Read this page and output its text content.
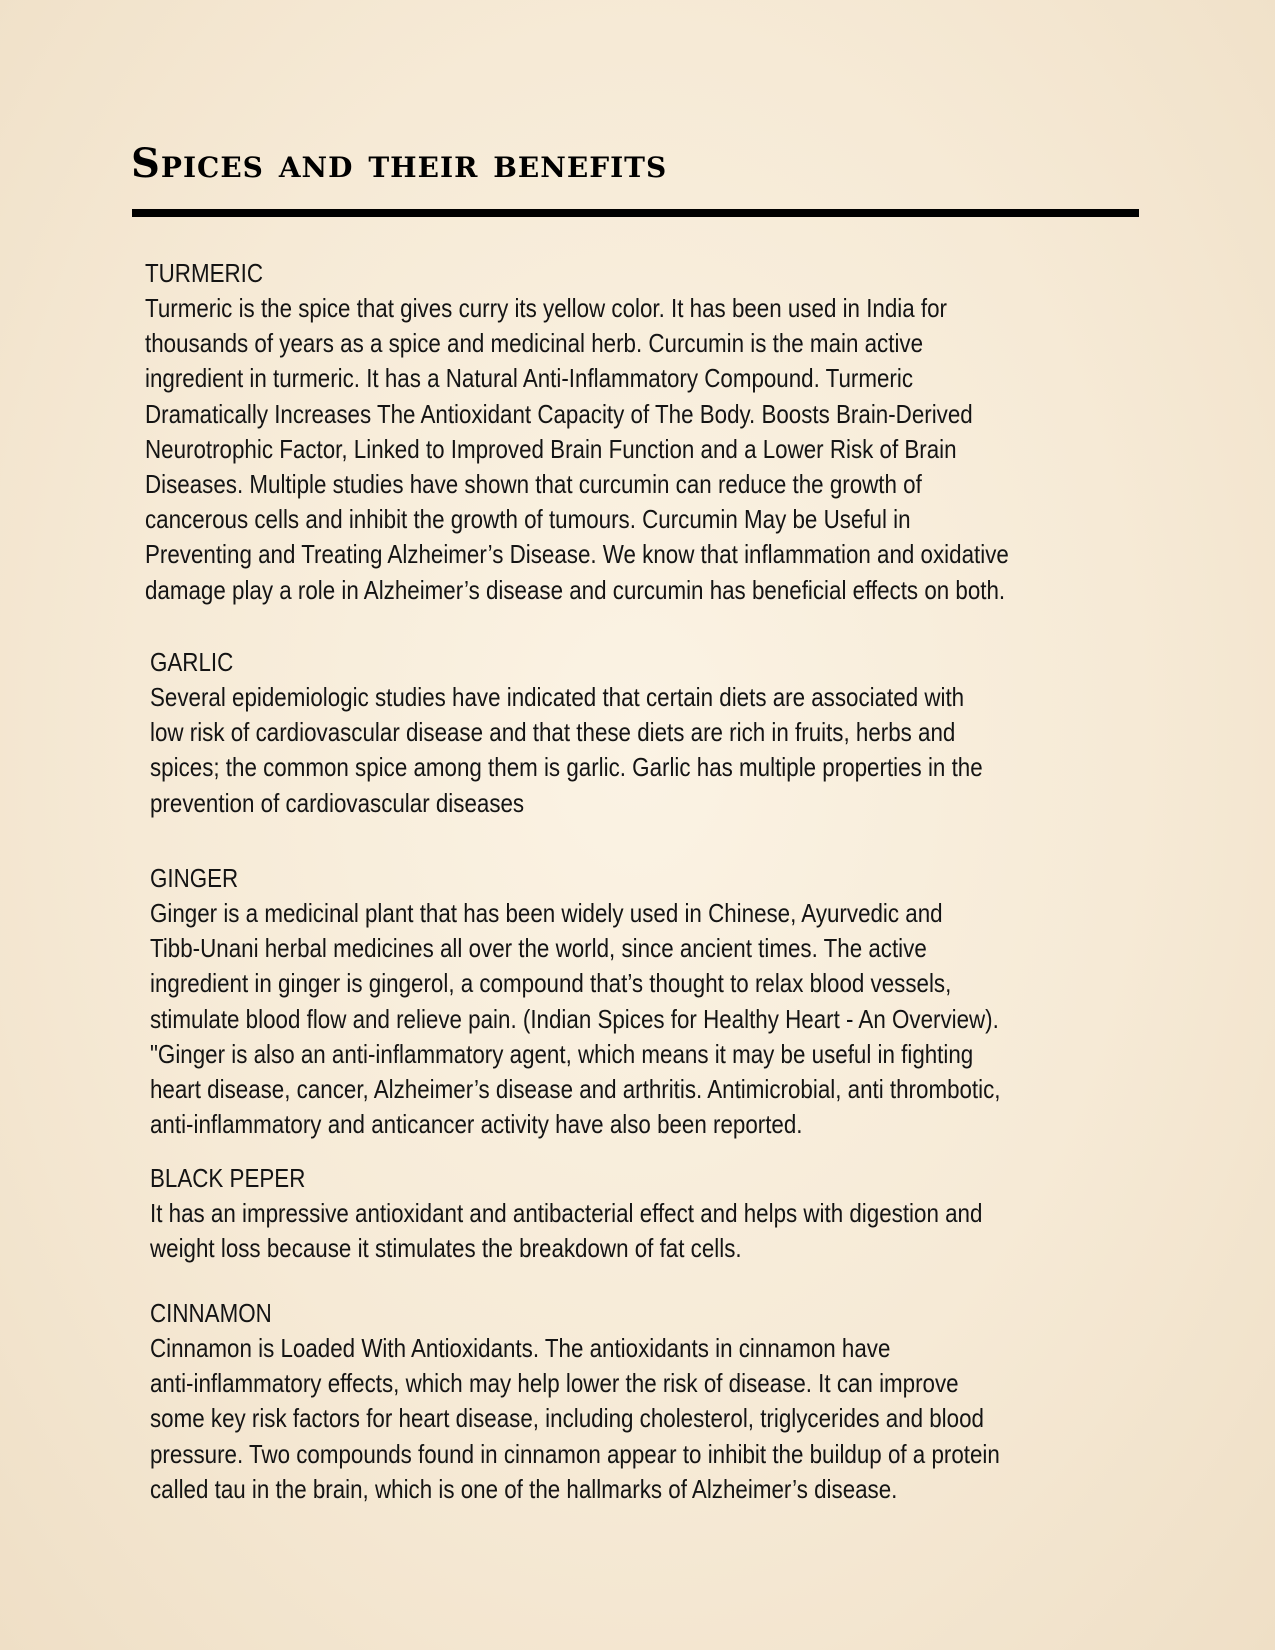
Spices and their benefits
TURMERIC

Turmeric is the spice that gives curry its yellow color. It has been used in India for

thousands of years as a spice and medicinal herb. Curcumin is the main active

ingredient in turmeric. It has a Natural Anti-Inflammatory Compound. Turmeric

Dramatically Increases The Antioxidant Capacity of The Body. Boosts Brain-Derived

Neurotrophic Factor, Linked to Improved Brain Function and a Lower Risk of Brain

Diseases. Multiple studies have shown that curcumin can reduce the growth of

cancerous cells and inhibit the growth of tumours. Curcumin May be Useful in

Preventing and Treating Alzheimer’s Disease. We know that inflammation and oxidative

damage play a role in Alzheimer’s disease and curcumin has beneficial effects on both.

GARLIC

Several epidemiologic studies have indicated that certain diets are associated with

low risk of cardiovascular disease and that these diets are rich in fruits, herbs and

spices; the common spice among them is garlic. Garlic has multiple properties in the

prevention of cardiovascular diseases

GINGER

Ginger is a medicinal plant that has been widely used in Chinese, Ayurvedic and

Tibb-Unani herbal medicines all over the world, since ancient times. The active

ingredient in ginger is gingerol, a compound that’s thought to relax blood vessels,

stimulate blood flow and relieve pain. (Indian Spices for Healthy Heart - An Overview).

"Ginger is also an anti-inflammatory agent, which means it may be useful in fighting

heart disease, cancer, Alzheimer’s disease and arthritis. Antimicrobial, anti thrombotic,

anti-inflammatory and anticancer activity have also been reported.

BLACK PEPER

It has an impressive antioxidant and antibacterial effect and helps with digestion and

weight loss because it stimulates the breakdown of fat cells.

CINNAMON

Cinnamon is Loaded With Antioxidants. The antioxidants in cinnamon have

anti-inflammatory effects, which may help lower the risk of disease. It can improve

some key risk factors for heart disease, including cholesterol, triglycerides and blood

pressure. Two compounds found in cinnamon appear to inhibit the buildup of a protein

called tau in the brain, which is one of the hallmarks of Alzheimer’s disease.
